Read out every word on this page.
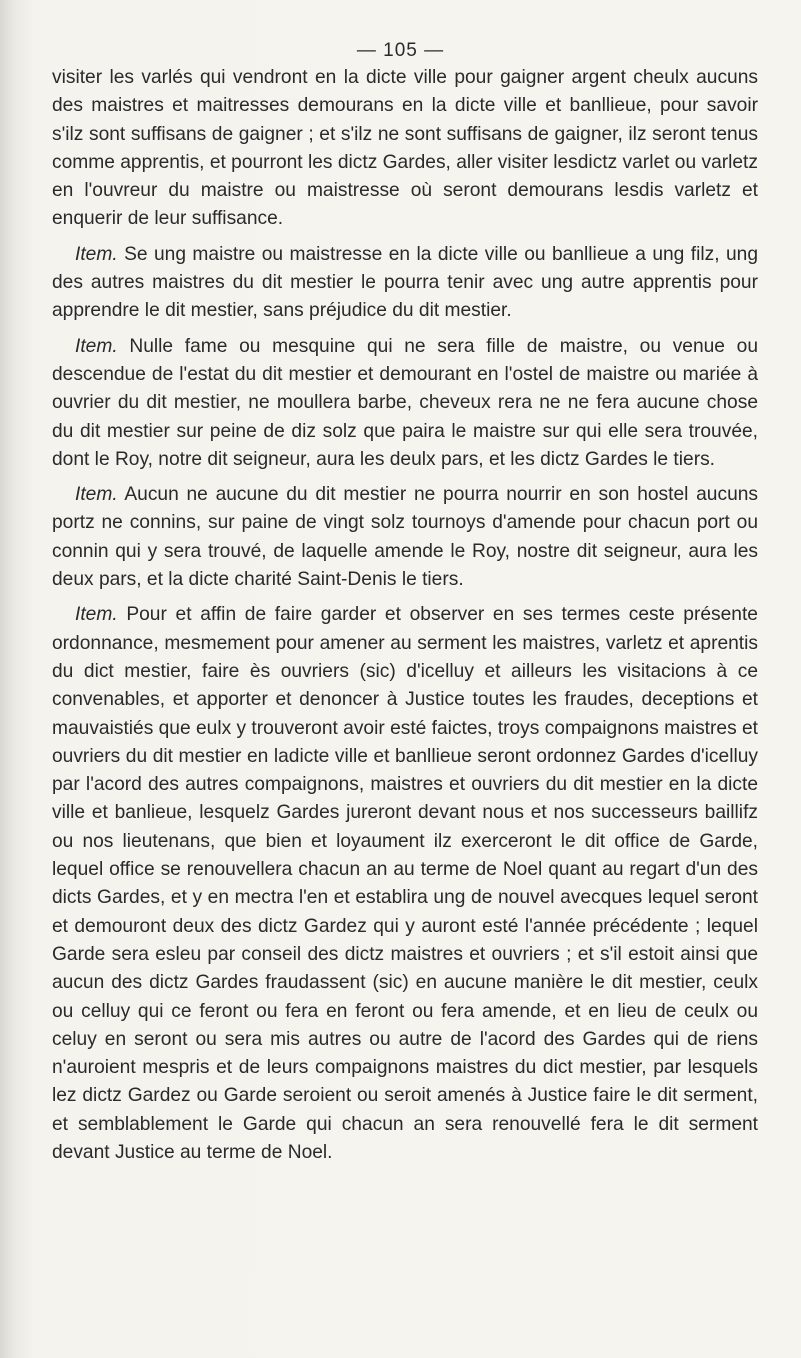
— 105 —

visiter les varlés qui vendront en la dicte ville pour gaigner argent cheulx aucuns des maistres et maitresses demourans en la dicte ville et banllieue, pour savoir s'ilz sont suffisans de gaigner ; et s'ilz ne sont suffisans de gaigner, ilz seront tenus comme apprentis, et pourront les dictz Gardes, aller visiter lesdictz varlet ou varletz en l'ouvreur du maistre ou maistresse où seront demourans lesdis varletz et enquerir de leur suffisance.

Item. Se ung maistre ou maistresse en la dicte ville ou banllieue a ung filz, ung des autres maistres du dit mestier le pourra tenir avec ung autre apprentis pour apprendre le dit mestier, sans préjudice du dit mestier.

Item. Nulle fame ou mesquine qui ne sera fille de maistre, ou venue ou descendue de l'estat du dit mestier et demourant en l'ostel de maistre ou mariée à ouvrier du dit mestier, ne moullera barbe, cheveux rera ne ne fera aucune chose du dit mestier sur peine de diz solz que paira le maistre sur qui elle sera trouvée, dont le Roy, notre dit seigneur, aura les deulx pars, et les dictz Gardes le tiers.

Item. Aucun ne aucune du dit mestier ne pourra nourrir en son hostel aucuns portz ne connins, sur paine de vingt solz tournoys d'amende pour chacun port ou connin qui y sera trouvé, de laquelle amende le Roy, nostre dit seigneur, aura les deux pars, et la dicte charité Saint-Denis le tiers.

Item. Pour et affin de faire garder et observer en ses termes ceste présente ordonnance, mesmement pour amener au serment les maistres, varletz et aprentis du dict mestier, faire ès ouvriers (sic) d'icelluy et ailleurs les visitacions à ce convenables, et apporter et denoncer à Justice toutes les fraudes, deceptions et mauvaistiés que eulx y trouveront avoir esté faictes, troys compaignons maistres et ouvriers du dit mestier en ladicte ville et banllieue seront ordonnez Gardes d'icelluy par l'acord des autres compaignons, maistres et ouvriers du dit mestier en la dicte ville et banlieue, lesquelz Gardes jureront devant nous et nos successeurs baillifz ou nos lieutenans, que bien et loyaument ilz exerceront le dit office de Garde, lequel office se renouvellera chacun an au terme de Noel quant au regart d'un des dicts Gardes, et y en mectra l'en et establira ung de nouvel avecques lequel seront et demouront deux des dictz Gardez qui y auront esté l'année précédente ; lequel Garde sera esleu par conseil des dictz maistres et ouvriers ; et s'il estoit ainsi que aucun des dictz Gardes fraudassent (sic) en aucune manière le dit mestier, ceulx ou celluy qui ce feront ou fera en feront ou fera amende, et en lieu de ceulx ou celuy en seront ou sera mis autres ou autre de l'acord des Gardes qui de riens n'auroient mespris et de leurs compaignons maistres du dict mestier, par lesquels lez dictz Gardez ou Garde seroient ou seroit amenés à Justice faire le dit serment, et semblablement le Garde qui chacun an sera renouvellé fera le dit serment devant Justice au terme de Noel.
